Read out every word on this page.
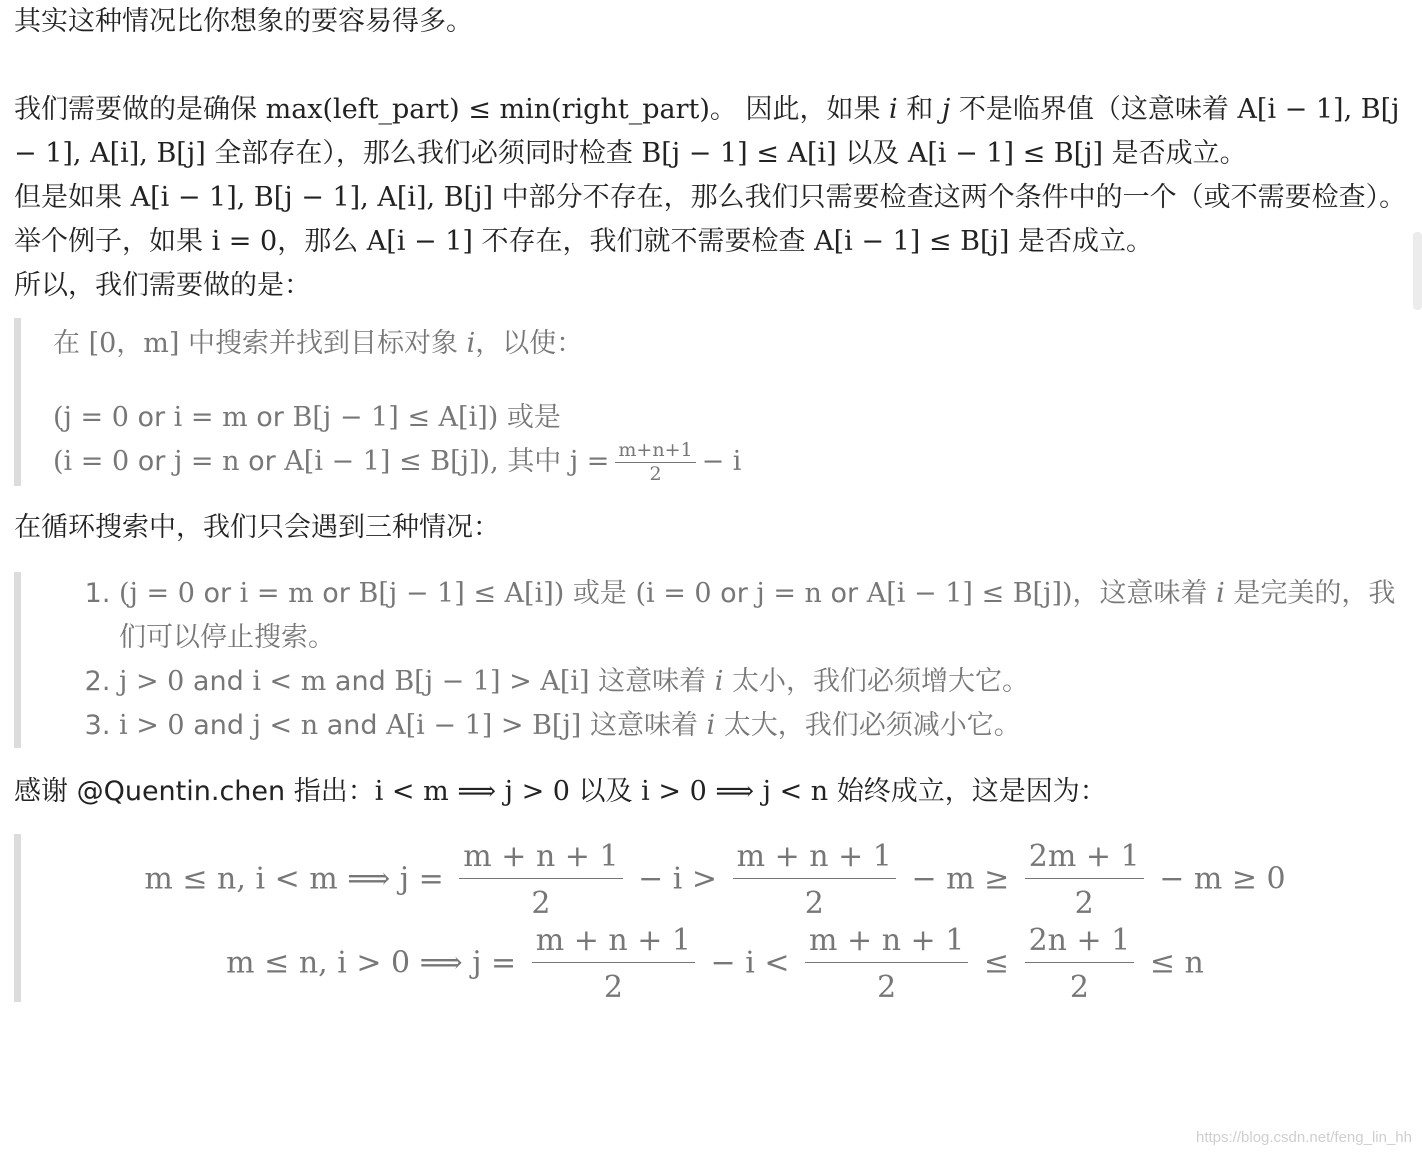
其实这种情况比你想象的要容易得多。

我们需要做的是确保 max(left_part) ≤ min(right_part)。 因此，如果 i 和 j 不是临界值（这意味着 A[i − 1], B[j − 1], A[i], B[j] 全部存在），那么我们必须同时检查 B[j − 1] ≤ A[i] 以及 A[i − 1] ≤ B[j] 是否成立。

但是如果 A[i − 1], B[j − 1], A[i], B[j] 中部分不存在，那么我们只需要检查这两个条件中的一个（或不需要检查）。

举个例子，如果 i = 0，那么 A[i − 1] 不存在，我们就不需要检查 A[i − 1] ≤ B[j] 是否成立。

所以，我们需要做的是：

在 [0，m] 中搜索并找到目标对象 i，以使：

(j = 0 or i = m or B[j − 1] ≤ A[i]) 或是

(i = 0 or j = n or A[i − 1] ≤ B[j]), 其中 $j = \frac{m+n+1}{2} - i$

在循环搜索中，我们只会遇到三种情况：

1. (j = 0 or i = m or B[j − 1] ≤ A[i]) 或是 (i = 0 or j = n or A[i − 1] ≤ B[j])，这意味着 i 是完美的，我们可以停止搜索。
2. j > 0 and i < m and B[j − 1] > A[i] 这意味着 i 太小，我们必须增大它。
3. i > 0 and j < n and A[i − 1] > B[j] 这意味着 i 太大，我们必须减小它。

感谢 @Quentin.chen 指出：i < m ⟹ j > 0 以及 i > 0 ⟹ j < n 始终成立，这是因为：

m ≤ n, i < m ⟹ $j = \frac{m + n + 1}{2} - i > \frac{m + n + 1}{2} - m \ge \frac{2m + 1}{2} - m \ge 0$
m ≤ n, i > 0 ⟹ $j = \frac{m + n + 1}{2} - i < \frac{m + n + 1}{2} \le \frac{2n + 1}{2} \le n$
https://blog.csdn.net/feng_lin_hh
